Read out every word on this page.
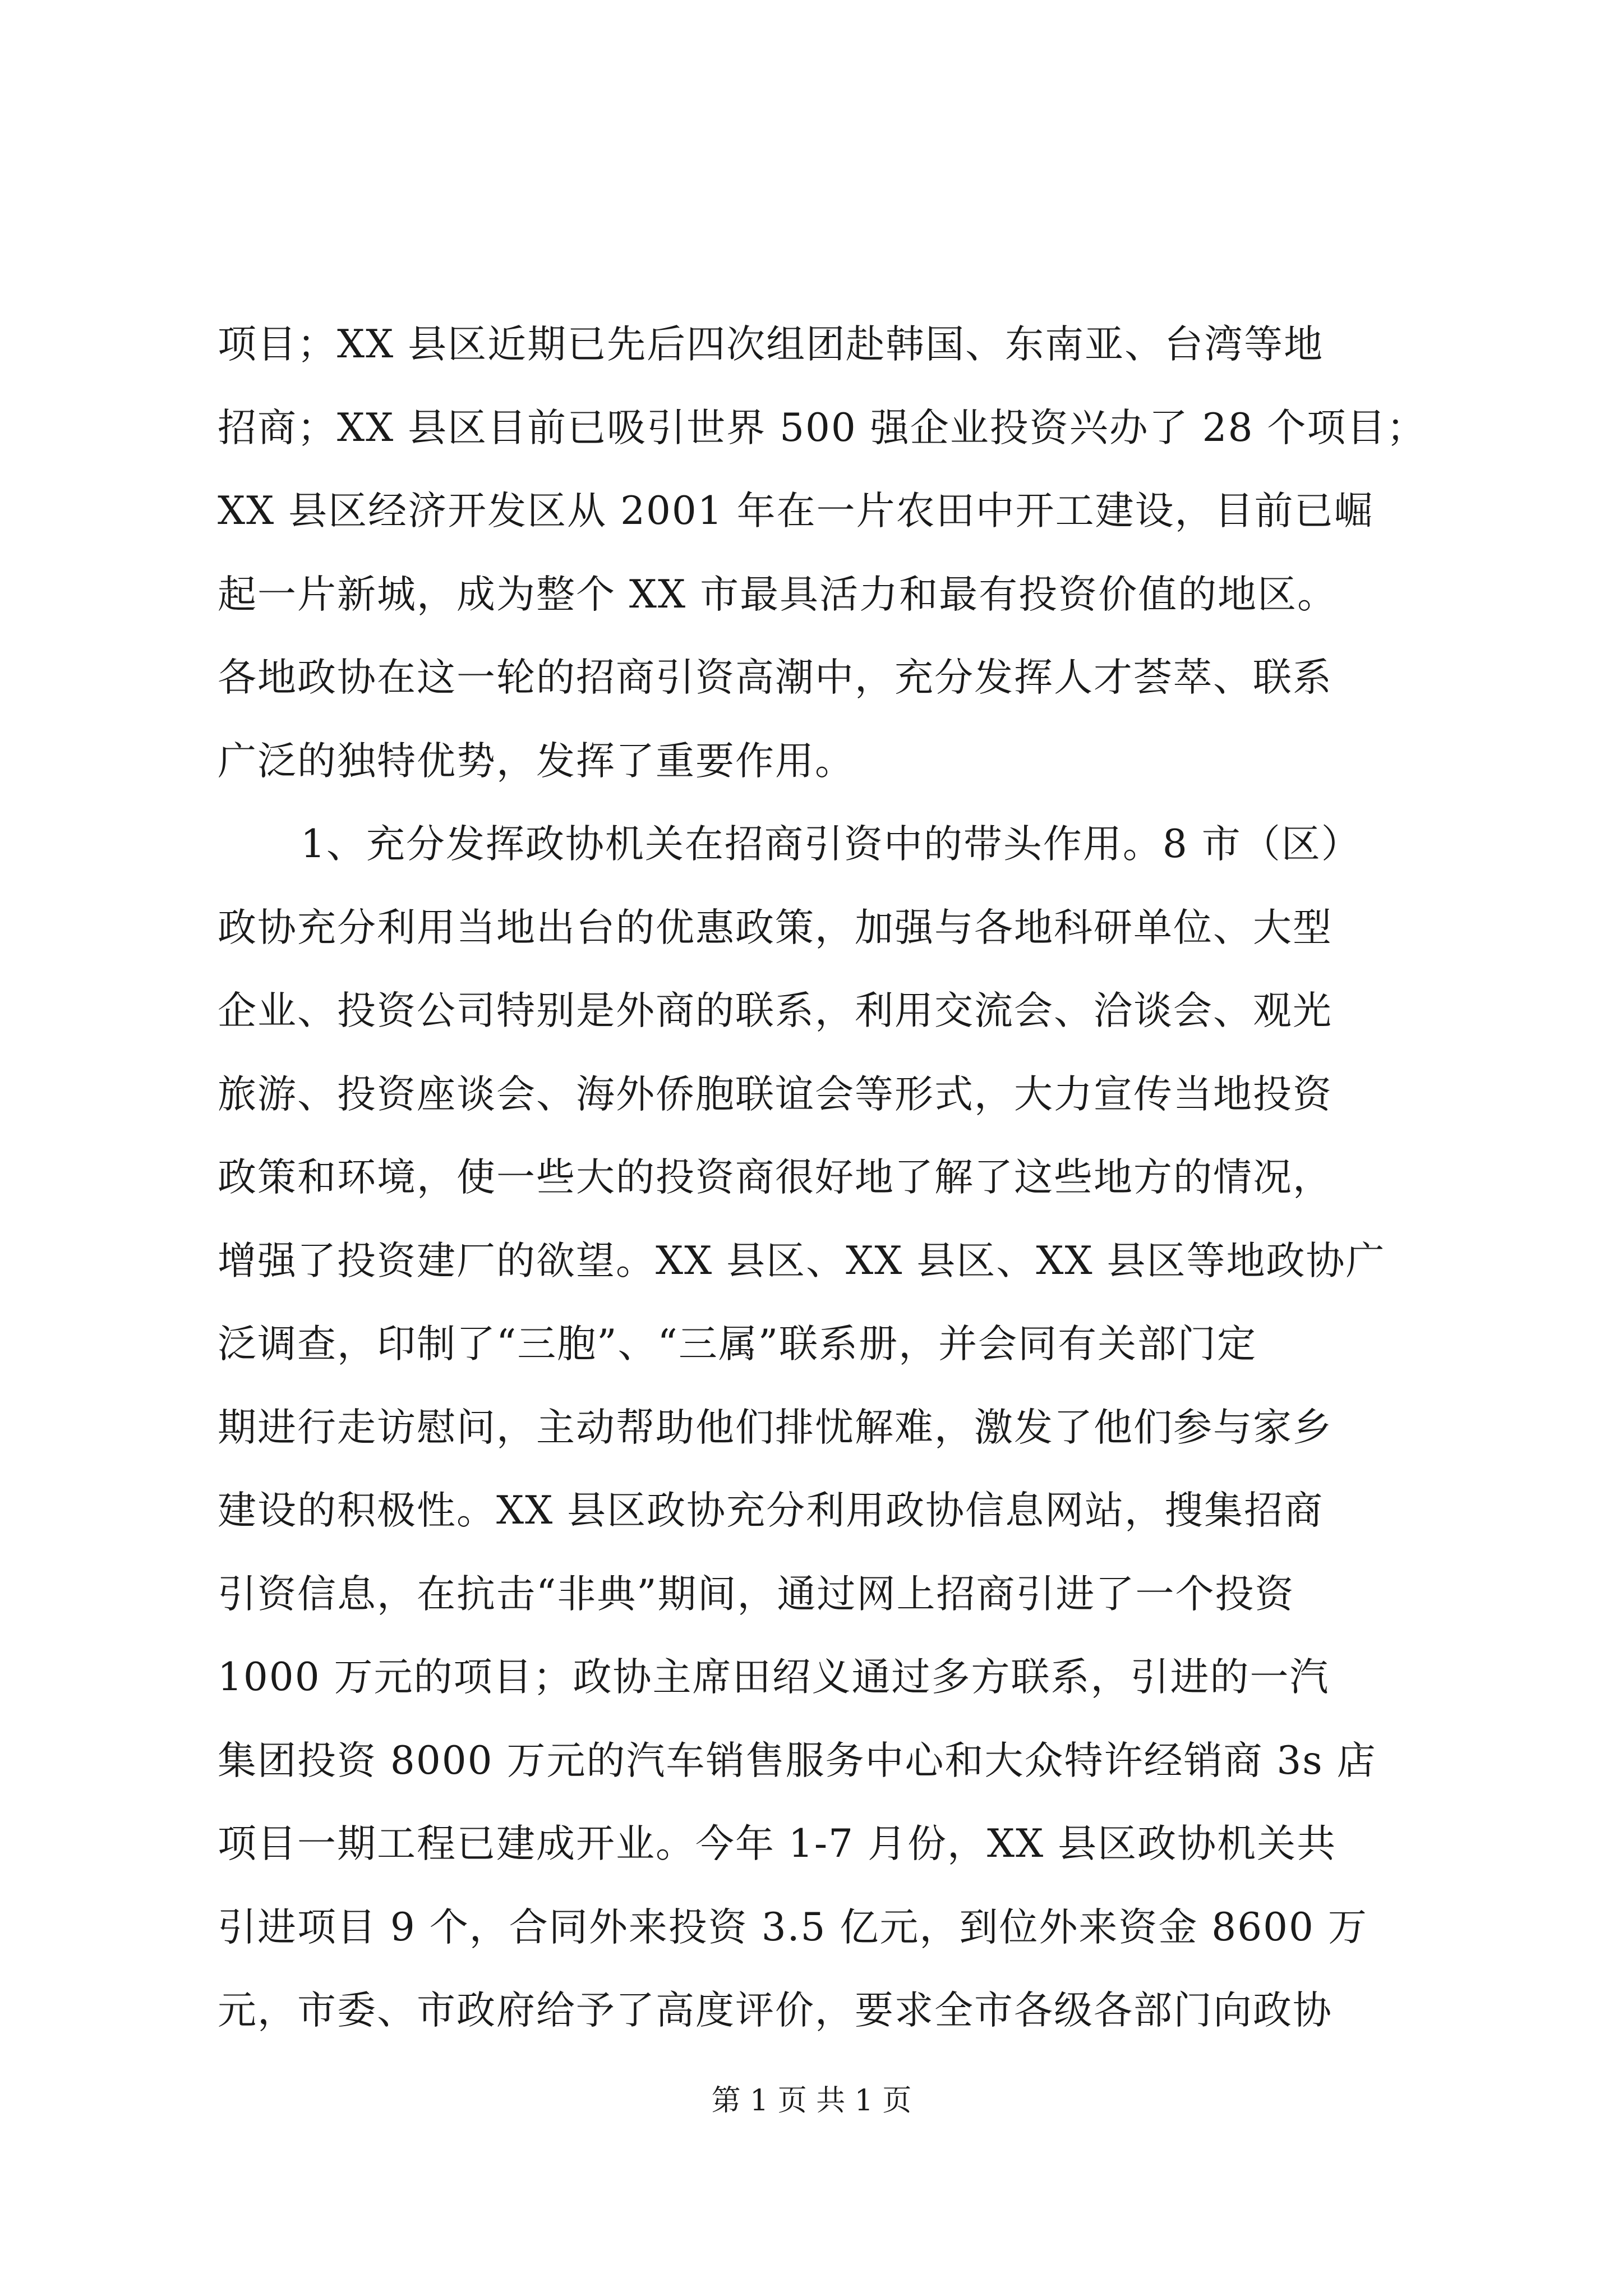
项目；XX 县区近期已先后四次组团赴韩国、东南亚、台湾等地
招商；XX 县区目前已吸引世界 500 强企业投资兴办了 28 个项目；
XX 县区经济开发区从 2001 年在一片农田中开工建设，目前已崛
起一片新城，成为整个 XX 市最具活力和最有投资价值的地区。
各地政协在这一轮的招商引资高潮中，充分发挥人才荟萃、联系
广泛的独特优势，发挥了重要作用。
1、充分发挥政协机关在招商引资中的带头作用。8 市（区）
政协充分利用当地出台的优惠政策，加强与各地科研单位、大型
企业、投资公司特别是外商的联系，利用交流会、洽谈会、观光
旅游、投资座谈会、海外侨胞联谊会等形式，大力宣传当地投资
政策和环境，使一些大的投资商很好地了解了这些地方的情况，
增强了投资建厂的欲望。XX 县区、XX 县区、XX 县区等地政协广
泛调查，印制了“三胞”、“三属”联系册，并会同有关部门定
期进行走访慰问，主动帮助他们排忧解难，激发了他们参与家乡
建设的积极性。XX 县区政协充分利用政协信息网站，搜集招商
引资信息，在抗击“非典”期间，通过网上招商引进了一个投资
1000 万元的项目；政协主席田绍义通过多方联系，引进的一汽
集团投资 8000 万元的汽车销售服务中心和大众特许经销商 3s 店
项目一期工程已建成开业。今年 1-7 月份，XX 县区政协机关共
引进项目 9 个，合同外来投资 3.5 亿元，到位外来资金 8600 万
元，市委、市政府给予了高度评价，要求全市各级各部门向政协
第 1 页 共 1 页
